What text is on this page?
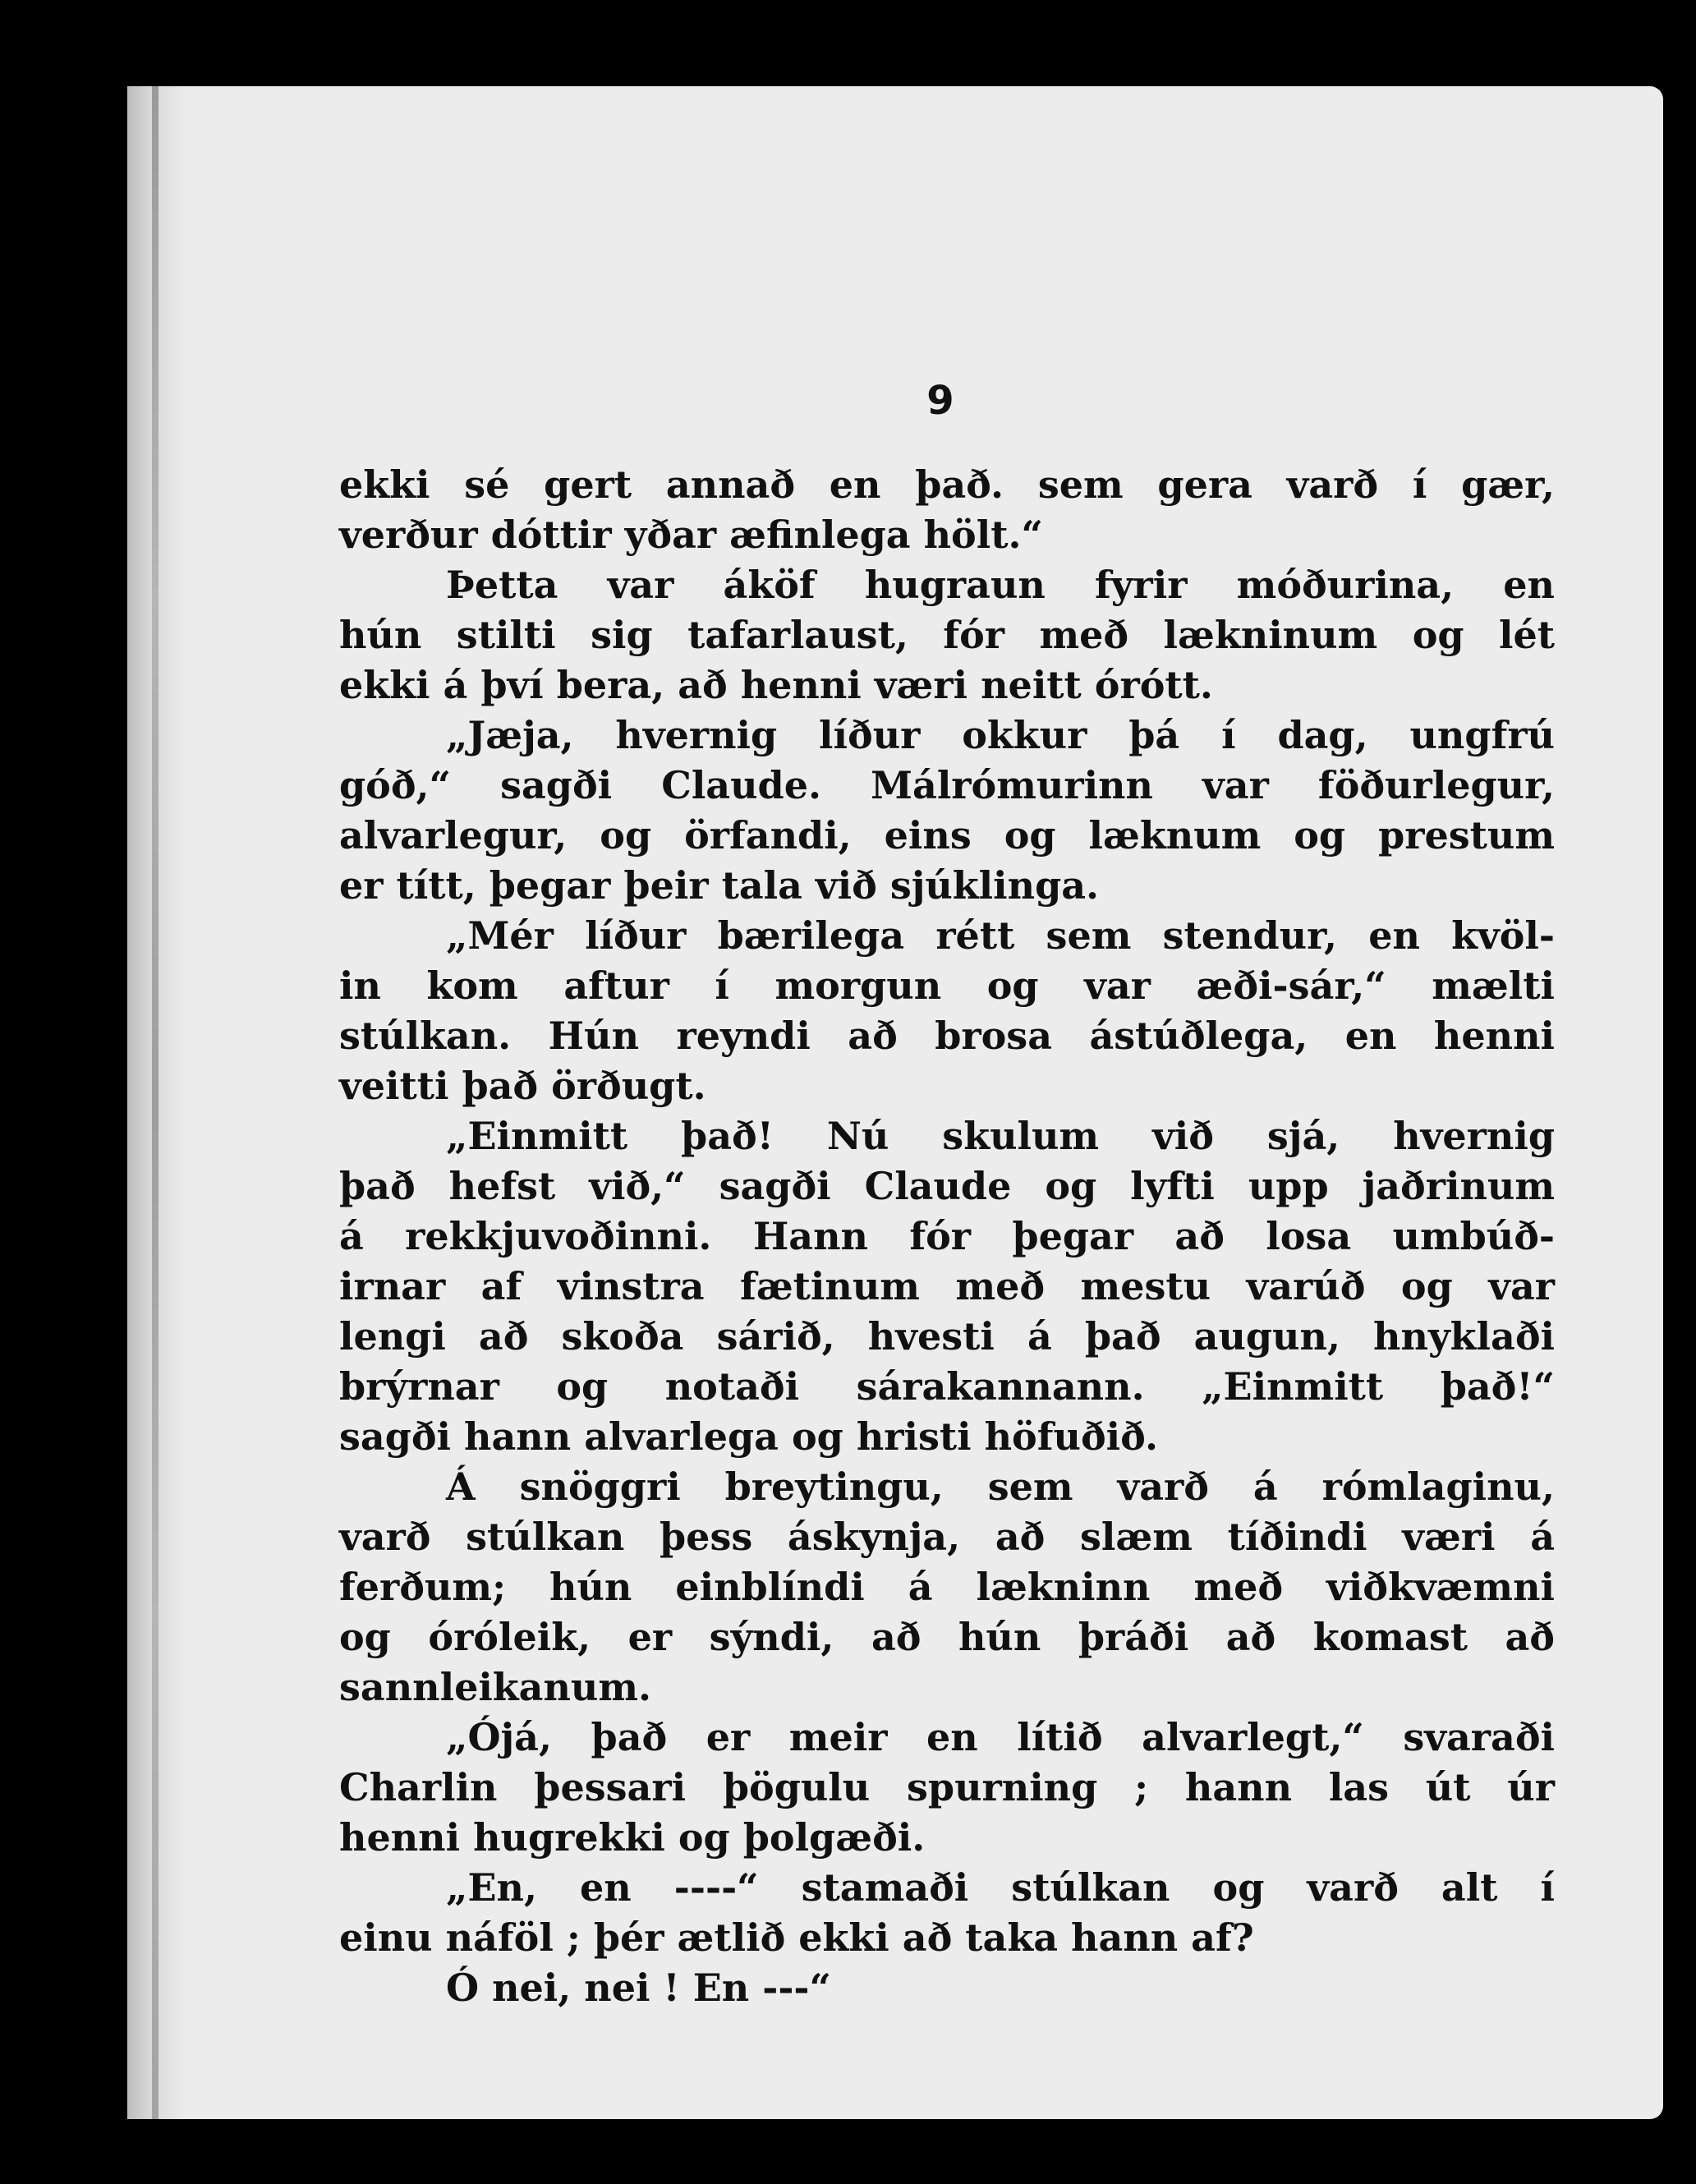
9
ekki sé gert annað en það. sem gera varð í gær,
verður dóttir yðar æfinlega hölt.“
Þetta var áköf hugraun fyrir móðurina, en
hún stilti sig tafarlaust, fór með lækninum og lét
ekki á því bera, að henni væri neitt órótt.
„Jæja, hvernig líður okkur þá í dag, ungfrú
góð,“ sagði Claude. Málrómurinn var föðurlegur,
alvarlegur, og örfandi, eins og læknum og prestum
er títt, þegar þeir tala við sjúklinga.
„Mér líður bærilega rétt sem stendur, en kvöl-
in kom aftur í morgun og var æði-sár,“ mælti
stúlkan. Hún reyndi að brosa ástúðlega, en henni
veitti það örðugt.
„Einmitt það! Nú skulum við sjá, hvernig
það hefst við,“ sagði Claude og lyfti upp jaðrinum
á rekkjuvoðinni. Hann fór þegar að losa umbúð-
irnar af vinstra fætinum með mestu varúð og var
lengi að skoða sárið, hvesti á það augun, hnyklaði
brýrnar og notaði sárakannann. „Einmitt það!“
sagði hann alvarlega og hristi höfuðið.
Á snöggri breytingu, sem varð á rómlaginu,
varð stúlkan þess áskynja, að slæm tíðindi væri á
ferðum; hún einblíndi á lækninn með viðkvæmni
og óróleik, er sýndi, að hún þráði að komast að
sannleikanum.
„Ójá, það er meir en lítið alvarlegt,“ svaraði
Charlin þessari þögulu spurning ; hann las út úr
henni hugrekki og þolgæði.
„En, en ----“ stamaði stúlkan og varð alt í
einu náföl ; þér ætlið ekki að taka hann af?
Ó nei, nei ! En ---“
